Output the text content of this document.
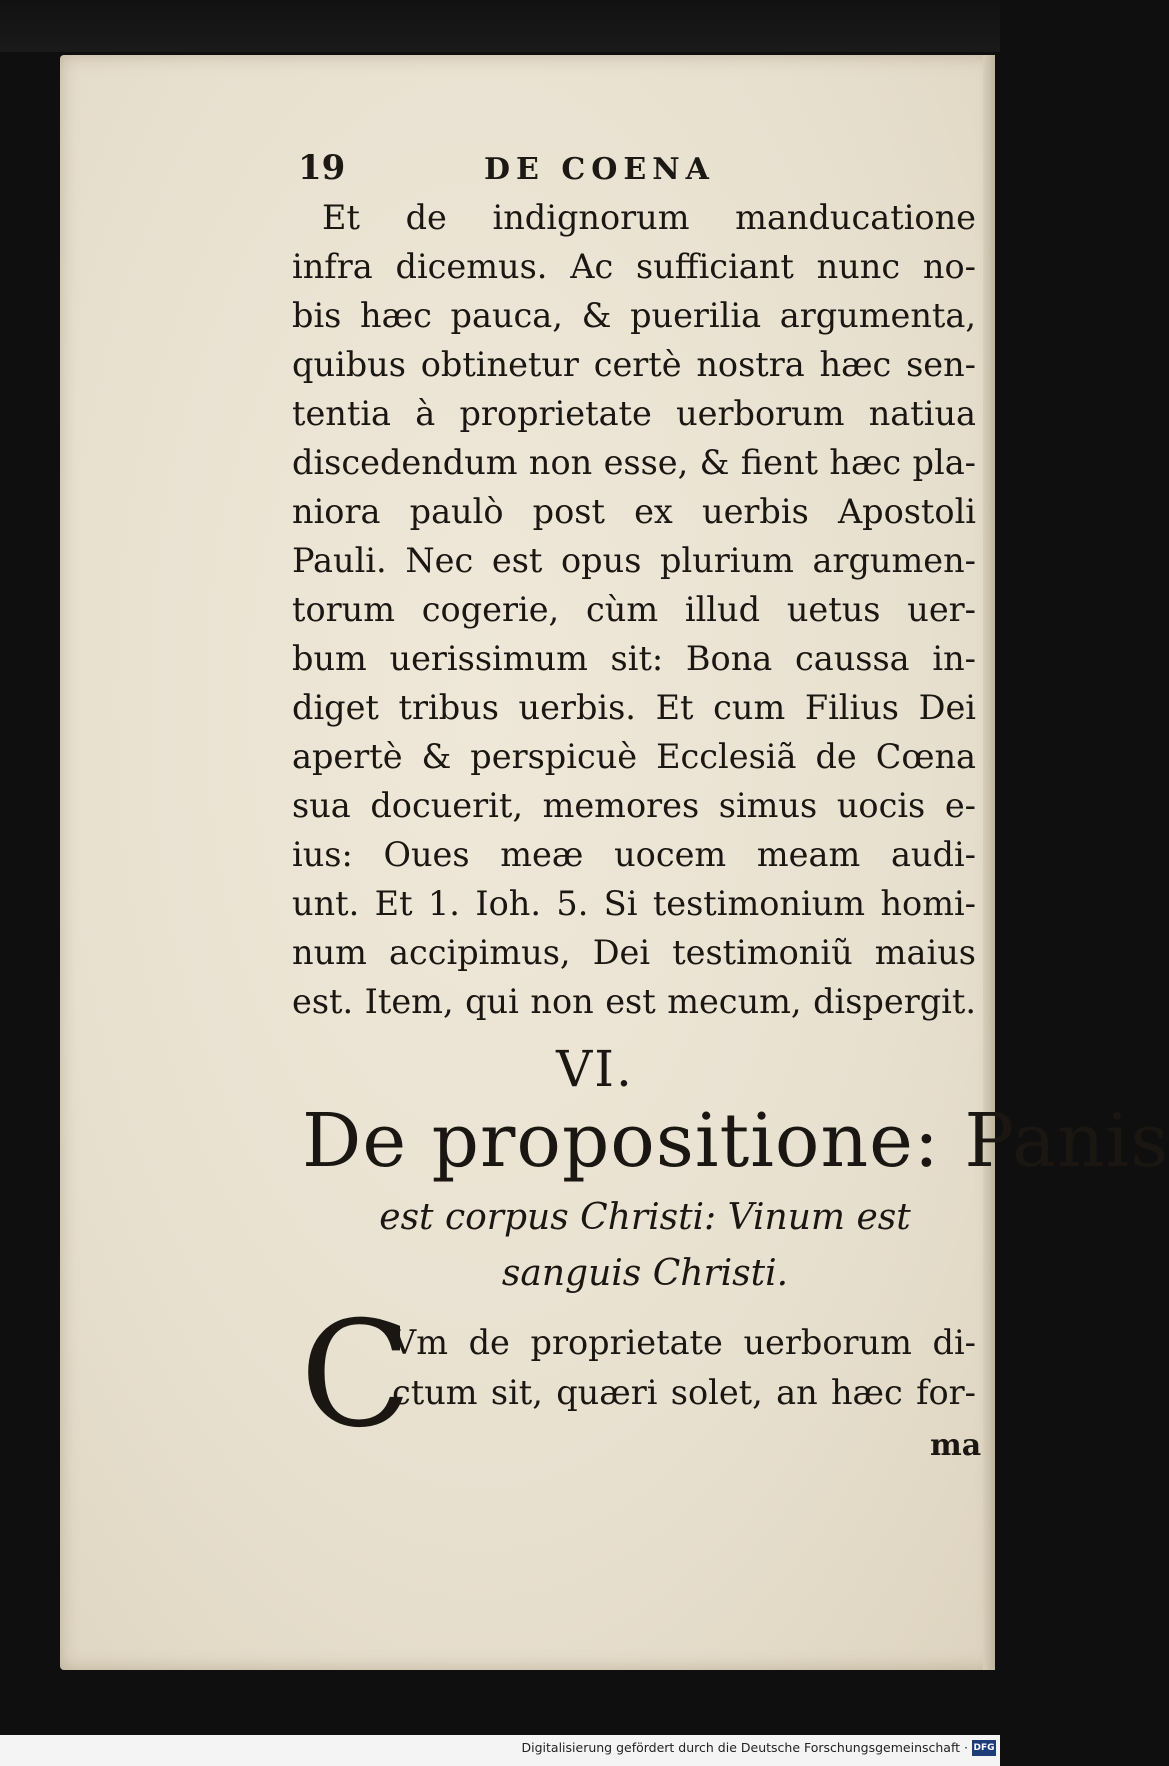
19	DE COENA
Et de indignorum manducatione
infra dicemus. Ac sufficiant nunc no-
bis hæc pauca, & puerilia argumenta,
quibus obtinetur certè nostra hæc sen-
tentia à proprietate uerborum natiua
discedendum non esse, & fient hæc pla-
niora paulò post ex uerbis Apostoli
Pauli. Nec est opus plurium argumen-
torum cogerie, cùm illud uetus uer-
bum uerissimum sit: Bona caussa in-
diget tribus uerbis. Et cum Filius Dei
apertè & perspicuè Ecclesiã de Cœna
sua docuerit, memores simus uocis e-
ius: Oues meæ uocem meam audi-
unt. Et 1. Ioh. 5. Si testimonium homi-
num accipimus, Dei testimoniũ maius
est. Item, qui non est mecum, dispergit.
VI.
De propositione: Panis
est corpus Christi: Vinum est
sanguis Christi.
C
Vm de proprietate uerborum di-
ctum sit, quæri solet, an hæc for-
ma
Digitalisierung gefördert durch die Deutsche Forschungsgemeinschaft · DFG
